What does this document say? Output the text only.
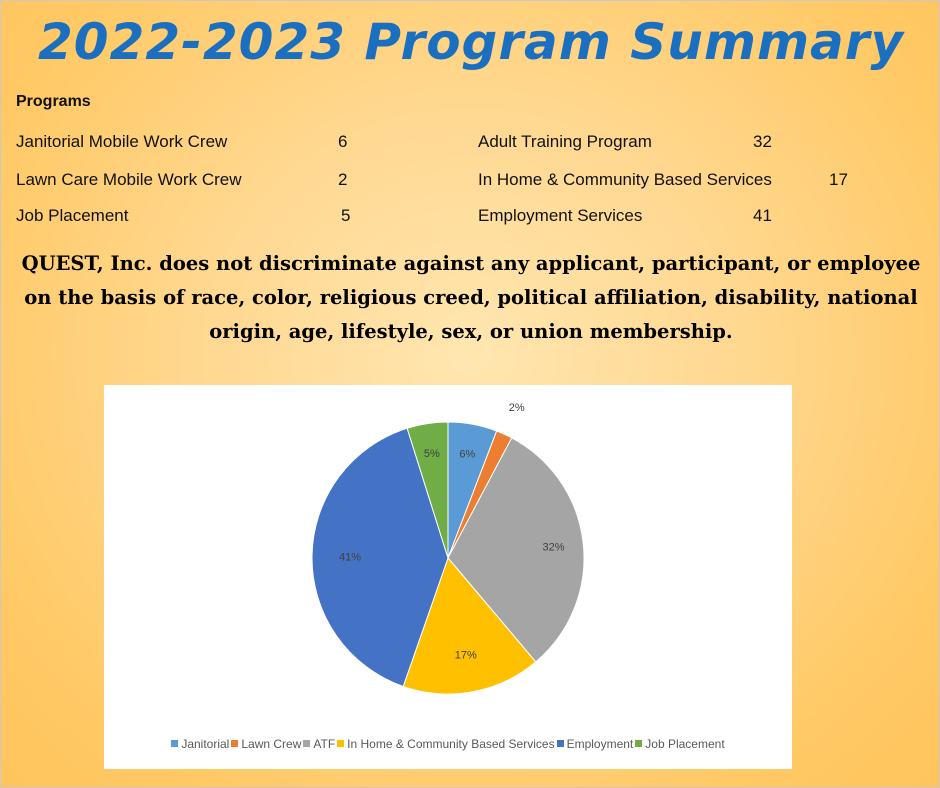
2022-2023 Program Summary
Programs
Janitorial Mobile Work Crew	6
Lawn Care Mobile Work Crew	2
Job Placement	5
Adult Training Program	32
In Home & Community Based Services	17
Employment Services	41
QUEST, Inc. does not discriminate against any applicant, participant, or employee on the basis of race, color, religious creed, political affiliation, disability, national origin, age, lifestyle, sex, or union membership.
6%
2%
32%
17%
41%
5%
Janitorial Lawn Crew ATF In Home & Community Based Services Employment Job Placement
